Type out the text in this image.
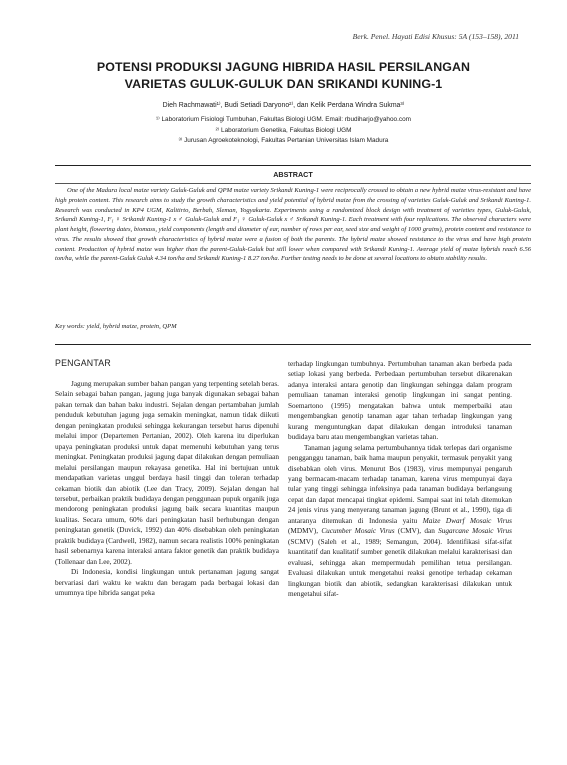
Berk. Penel. Hayati Edisi Khusus: 5A (153–158), 2011
POTENSI PRODUKSI JAGUNG HIBRIDA HASIL PERSILANGAN
VARIETAS GULUK-GULUK DAN SRIKANDI KUNING-1
Dieh Rachmawati¹⁾, Budi Setiadi Daryono²⁾, dan Kelik Perdana Windra Sukma³⁾
¹⁾ Laboratorium Fisiologi Tumbuhan, Fakultas Biologi UGM. Email: rbudiharjo@yahoo.com
²⁾ Laboratorium Genetika, Fakultas Biologi UGM
³⁾ Jurusan Agroekoteknologi, Fakultas Pertanian Universitas Islam Madura
ABSTRACT
One of the Madura local maize variety Guluk-Guluk and QPM maize variety Srikandi Kuning-1 were reciprocally crossed to obtain a new hybrid maize virus-resistant and have high protein content. This research aims to study the growth characteristics and yield potential of hybrid maize from the crossing of varieties Guluk-Guluk and Srikandi Kuning-1. Research was conducted in KP4 UGM, Kalitirto, Berbah, Sleman, Yogyakarta. Experiments using a randomized block design with treatment of varieties types, Guluk-Guluk, Srikandi Kuning-1, F₁ ♀ Srikandi Kuning-1 x ♂ Guluk-Guluk and F₁ ♀ Guluk-Guluk x ♂ Srikandi Kuning-1. Each treatment with four replications. The observed characters were plant height, flowering dates, biomass, yield components (length and diameter of ear, number of rows per ear, seed size and weight of 1000 grains), protein content and resistance to virus. The results showed that growth characteristics of hybrid maize were a fusion of both the parents. The hybrid maize showed resistance to the virus and have high protein content. Production of hybrid maize was higher than the parent-Guluk-Guluk but still lower when compared with Srikandi Kuning-1. Average yield of maize hybrids reach 6.56 ton/ha, while the parent-Guluk Guluk 4.34 ton/ha and Srikandi Kuning-1 8.27 ton/ha. Further testing needs to be done at several locations to obtain stability results.
Key words: yield, hybrid maize, protein, QPM
PENGANTAR

Jagung merupakan sumber bahan pangan yang terpenting setelah beras. Selain sebagai bahan pangan, jagung juga banyak digunakan sebagai bahan pakan ternak dan bahan baku industri. Sejalan dengan pertambahan jumlah penduduk kebutuhan jagung juga semakin meningkat, namun tidak diikuti dengan peningkatan produksi sehingga kekurangan tersebut harus dipenuhi melalui impor (Departemen Pertanian, 2002). Oleh karena itu diperlukan upaya peningkatan produksi untuk dapat memenuhi kebutuhan yang terus meningkat. Peningkatan produksi jagung dapat dilakukan dengan pemuliaan melalui persilangan maupun rekayasa genetika. Hal ini bertujuan untuk mendapatkan varietas unggul berdaya hasil tinggi dan toleran terhadap cekaman biotik dan abiotik (Lee dan Tracy, 2009). Sejalan dengan hal tersebut, perbaikan praktik budidaya dengan penggunaan pupuk organik juga mendorong peningkatan produksi jagung baik secara kuantitas maupun kualitas. Secara umum, 60% dari peningkatan hasil berhubungan dengan peningkatan genetik (Duvick, 1992) dan 40% disebabkan oleh peningkatan praktik budidaya (Cardwell, 1982), namun secara realistis 100% peningkatan hasil sebenarnya karena interaksi antara faktor genetik dan praktik budidaya (Tollenaar dan Lee, 2002).

Di Indonesia, kondisi lingkungan untuk pertanaman jagung sangat bervariasi dari waktu ke waktu dan beragam pada berbagai lokasi dan umumnya tipe hibrida sangat peka

terhadap lingkungan tumbuhnya. Pertumbuhan tanaman akan berbeda pada setiap lokasi yang berbeda. Perbedaan pertumbuhan tersebut dikarenakan adanya interaksi antara genotip dan lingkungan sehingga dalam program pemuliaan tanaman interaksi genotip lingkungan ini sangat penting. Soemartono (1995) mengatakan bahwa untuk memperbaiki atau mengembangkan genotip tanaman agar tahan terhadap lingkungan yang kurang menguntungkan dapat dilakukan dengan introduksi tanaman budidaya baru atau mengembangkan varietas tahan.

Tanaman jagung selama pertumbuhannya tidak terlepas dari organisme pengganggu tanaman, baik hama maupun penyakit, termasuk penyakit yang disebabkan oleh virus. Menurut Bos (1983), virus mempunyai pengaruh yang bermacam-macam terhadap tanaman, karena virus mempunyai daya tular yang tinggi sehingga infeksinya pada tanaman budidaya berlangsung cepat dan dapat mencapai tingkat epidemi. Sampai saat ini telah ditemukan 24 jenis virus yang menyerang tanaman jagung (Brunt et al., 1990), tiga di antaranya ditemukan di Indonesia yaitu Maize Dwarf Mosaic Virus (MDMV), Cucumber Mosaic Virus (CMV), dan Sugarcane Mosaic Virus (SCMV) (Saleh et al., 1989; Semangun, 2004). Identifikasi sifat-sifat kuantitatif dan kualitatif sumber genetik dilakukan melalui karakterisasi dan evaluasi, sehingga akan mempermudah pemilihan tetua persilangan. Evaluasi dilakukan untuk mengetahui reaksi genotipe terhadap cekaman lingkungan biotik dan abiotik, sedangkan karakterisasi dilakukan untuk mengetahui sifat-
